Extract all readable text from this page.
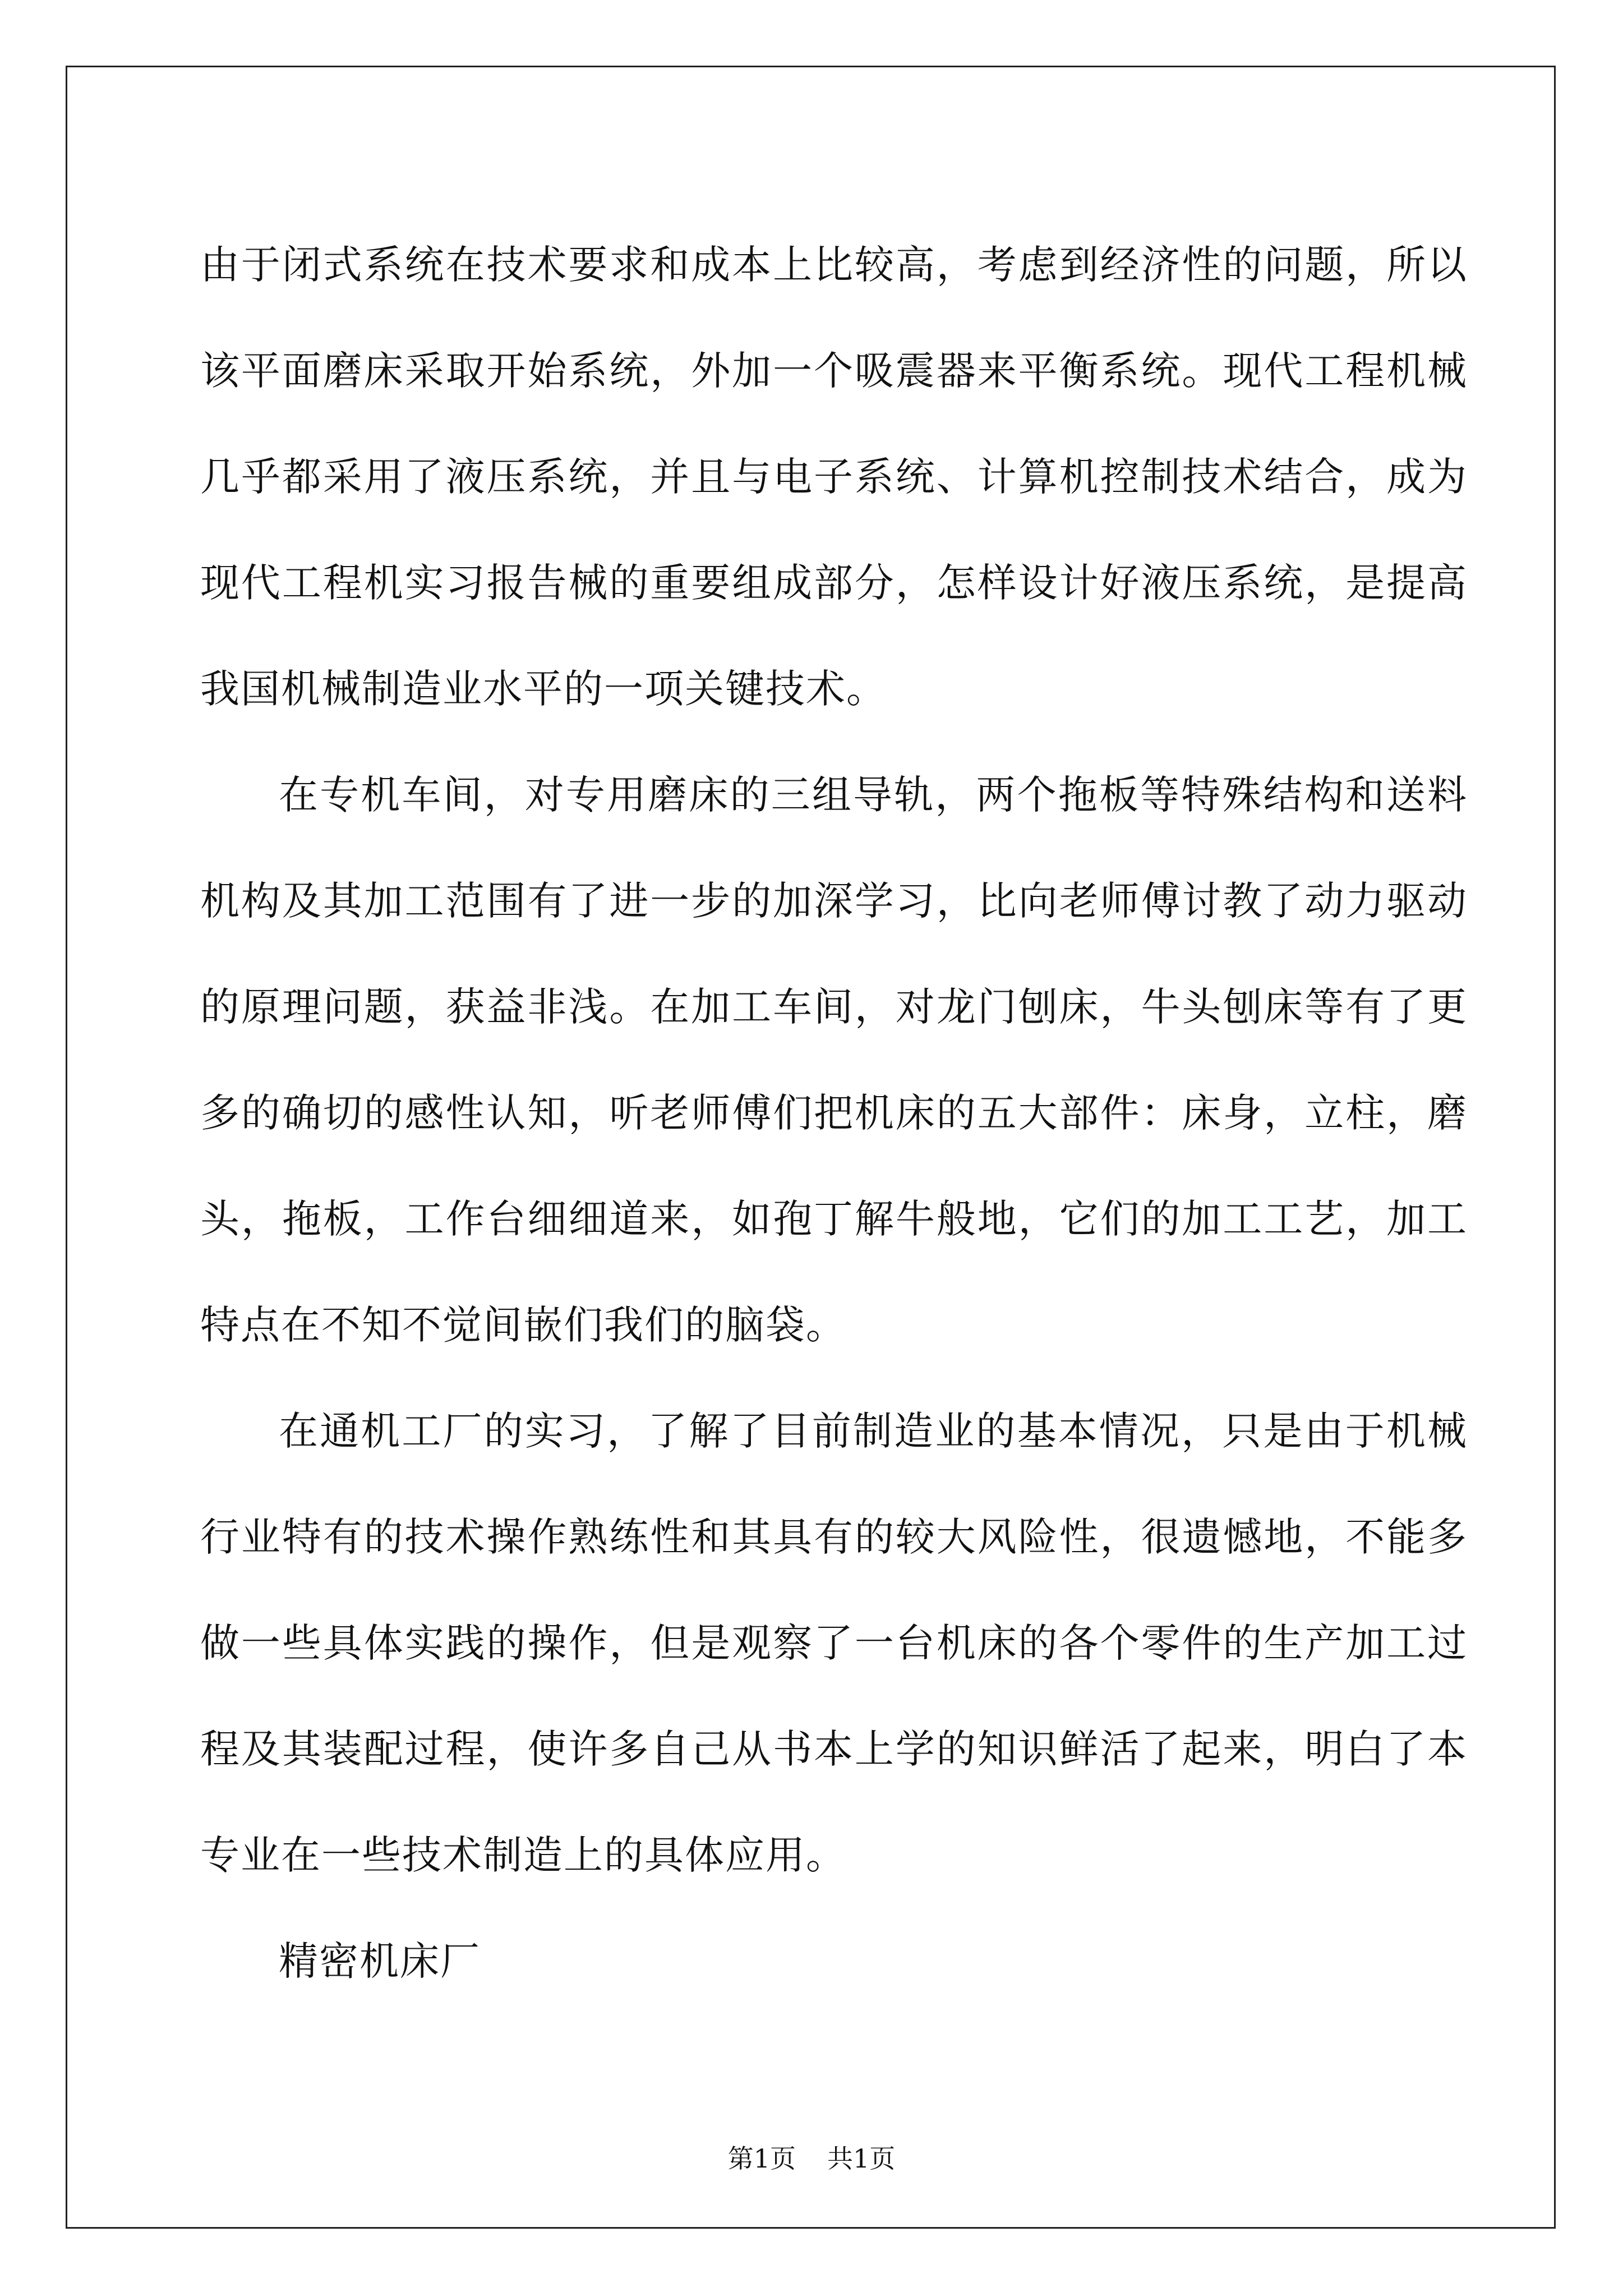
由于闭式系统在技术要求和成本上比较高，考虑到经济性的问题，所以该平面磨床采取开始系统，外加一个吸震器来平衡系统。现代工程机械几乎都采用了液压系统，并且与电子系统、计算机控制技术结合，成为现代工程机实习报告械的重要组成部分，怎样设计好液压系统，是提高我国机械制造业水平的一项关键技术。

在专机车间，对专用磨床的三组导轨，两个拖板等特殊结构和送料机构及其加工范围有了进一步的加深学习，比向老师傅讨教了动力驱动的原理问题，获益非浅。在加工车间，对龙门刨床，牛头刨床等有了更多的确切的感性认知，听老师傅们把机床的五大部件：床身，立柱，磨头，拖板，工作台细细道来，如孢丁解牛般地，它们的加工工艺，加工特点在不知不觉间嵌们我们的脑袋。

在通机工厂的实习，了解了目前制造业的基本情况，只是由于机械行业特有的技术操作熟练性和其具有的较大风险性，很遗憾地，不能多做一些具体实践的操作，但是观察了一台机床的各个零件的生产加工过程及其装配过程，使许多自己从书本上学的知识鲜活了起来，明白了本专业在一些技术制造上的具体应用。

精密机床厂

第1页 共1页
